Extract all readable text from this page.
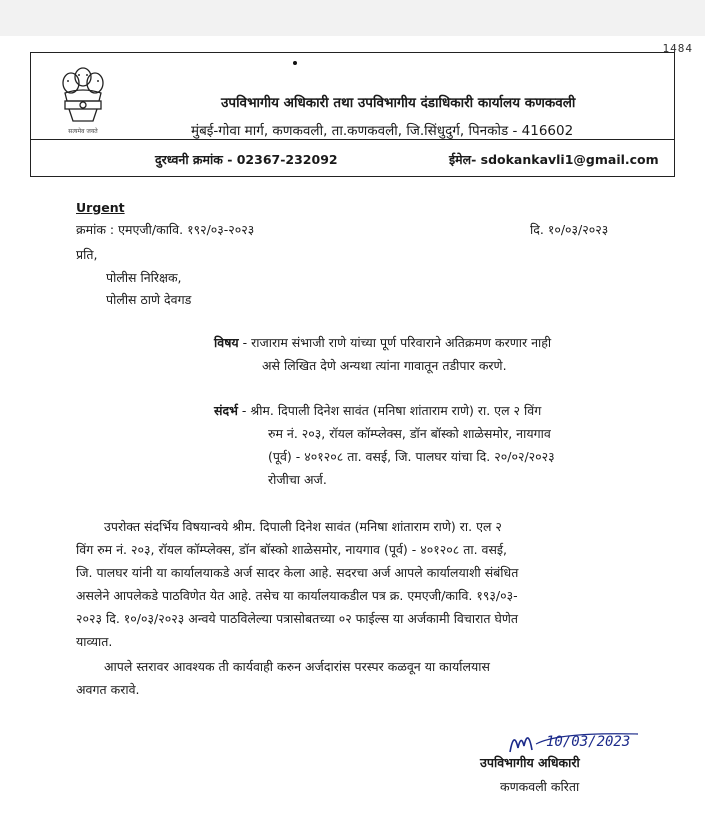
1484
सत्यमेव जयते
उपविभागीय अधिकारी तथा उपविभागीय दंडाधिकारी कार्यालय कणकवली
मुंबई-गोवा मार्ग, कणकवली, ता.कणकवली, जि.सिंधुदुर्ग, पिनकोड - 416602
दुरध्वनी क्रमांक - 02367-232092	ईमेल- sdokankavli1@gmail.com
Urgent
क्रमांक : एमएजी/कावि. १९२/०३-२०२३	दि. १०/०३/२०२३
प्रति,
पोलीस निरिक्षक,
पोलीस ठाणे देवगड
विषय - राजाराम संभाजी राणे यांच्या पूर्ण परिवाराने अतिक्रमण करणार नाही
असे लिखित देणे अन्यथा त्यांना गावातून तडीपार करणे.
संदर्भ - श्रीम. दिपाली दिनेश सावंत (मनिषा शांताराम राणे) रा. एल २ विंग
रुम नं. २०३, रॉयल कॉम्प्लेक्स, डॉन बॉस्को शाळेसमोर, नायगाव
(पूर्व) - ४०१२०८ ता. वसई, जि. पालघर यांचा दि. २०/०२/२०२३
रोजीचा अर्ज.
उपरोक्त संदर्भिय विषयान्वये श्रीम. दिपाली दिनेश सावंत (मनिषा शांताराम राणे) रा. एल २
विंग रुम नं. २०३, रॉयल कॉम्प्लेक्स, डॉन बॉस्को शाळेसमोर, नायगाव (पूर्व) - ४०१२०८ ता. वसई,
जि. पालघर यांनी या कार्यालयाकडे अर्ज सादर केला आहे. सदरचा अर्ज आपले कार्यालयाशी संबंधित
असलेने आपलेकडे पाठविणेत येत आहे. तसेच या कार्यालयाकडील पत्र क्र. एमएजी/कावि. १९३/०३-
२०२३ दि. १०/०३/२०२३ अन्वये पाठविलेल्या पत्रासोबतच्या ०२ फाईल्स या अर्जकामी विचारात घेणेत
याव्यात.
आपले स्तरावर आवश्यक ती कार्यवाही करुन अर्जदारांस परस्पर कळवून या कार्यालयास
अवगत करावे.
10/03/2023
उपविभागीय अधिकारी
कणकवली करिता
